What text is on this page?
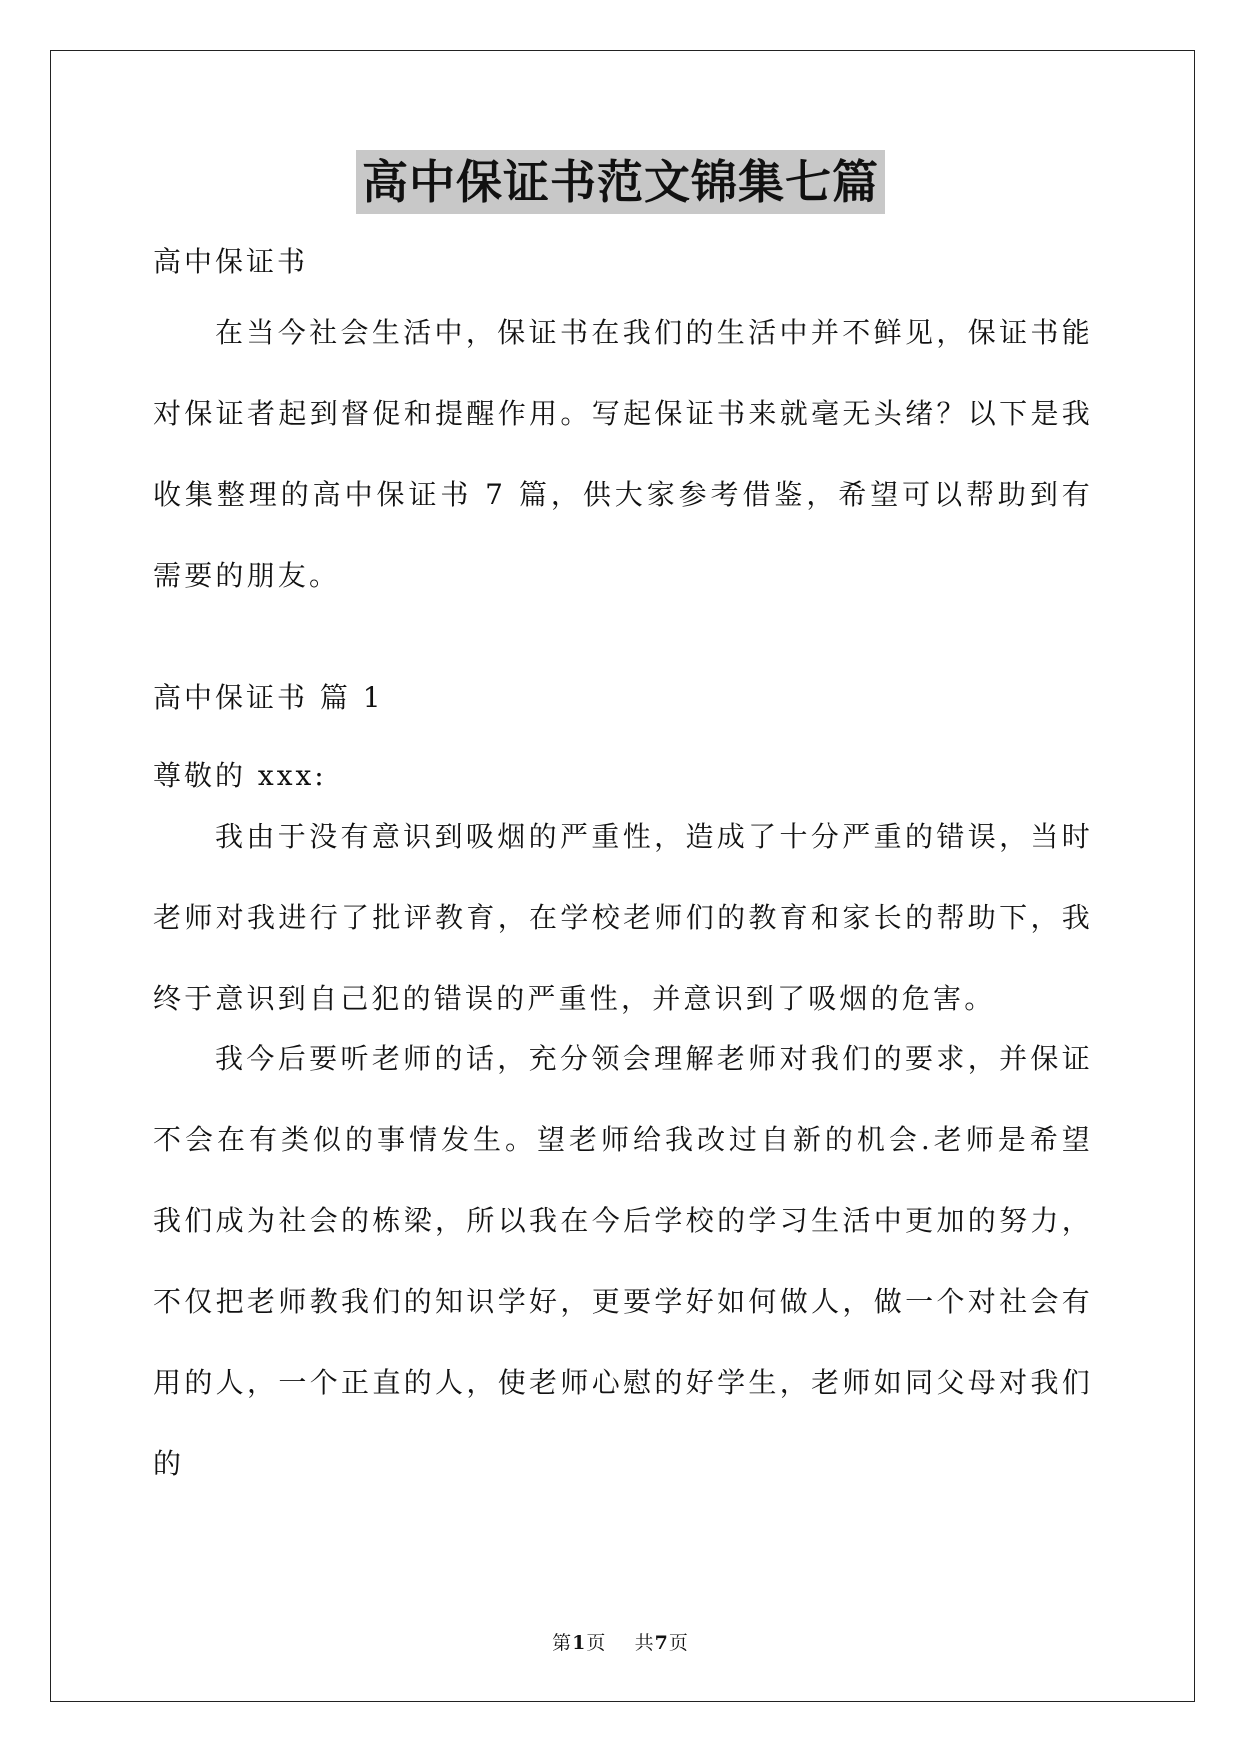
高中保证书范文锦集七篇
高中保证书
在当今社会生活中，保证书在我们的生活中并不鲜见，保证书能对保证者起到督促和提醒作用。写起保证书来就毫无头绪？以下是我收集整理的高中保证书 7 篇，供大家参考借鉴，希望可以帮助到有需要的朋友。
高中保证书 篇 1
尊敬的 xxx:
我由于没有意识到吸烟的严重性，造成了十分严重的错误，当时老师对我进行了批评教育，在学校老师们的教育和家长的帮助下，我终于意识到自己犯的错误的严重性，并意识到了吸烟的危害。
我今后要听老师的话，充分领会理解老师对我们的要求，并保证不会在有类似的事情发生。望老师给我改过自新的机会.老师是希望我们成为社会的栋梁，所以我在今后学校的学习生活中更加的努力，不仅把老师教我们的知识学好，更要学好如何做人，做一个对社会有用的人，一个正直的人，使老师心慰的好学生，老师如同父母对我们的
第1页 共7页
